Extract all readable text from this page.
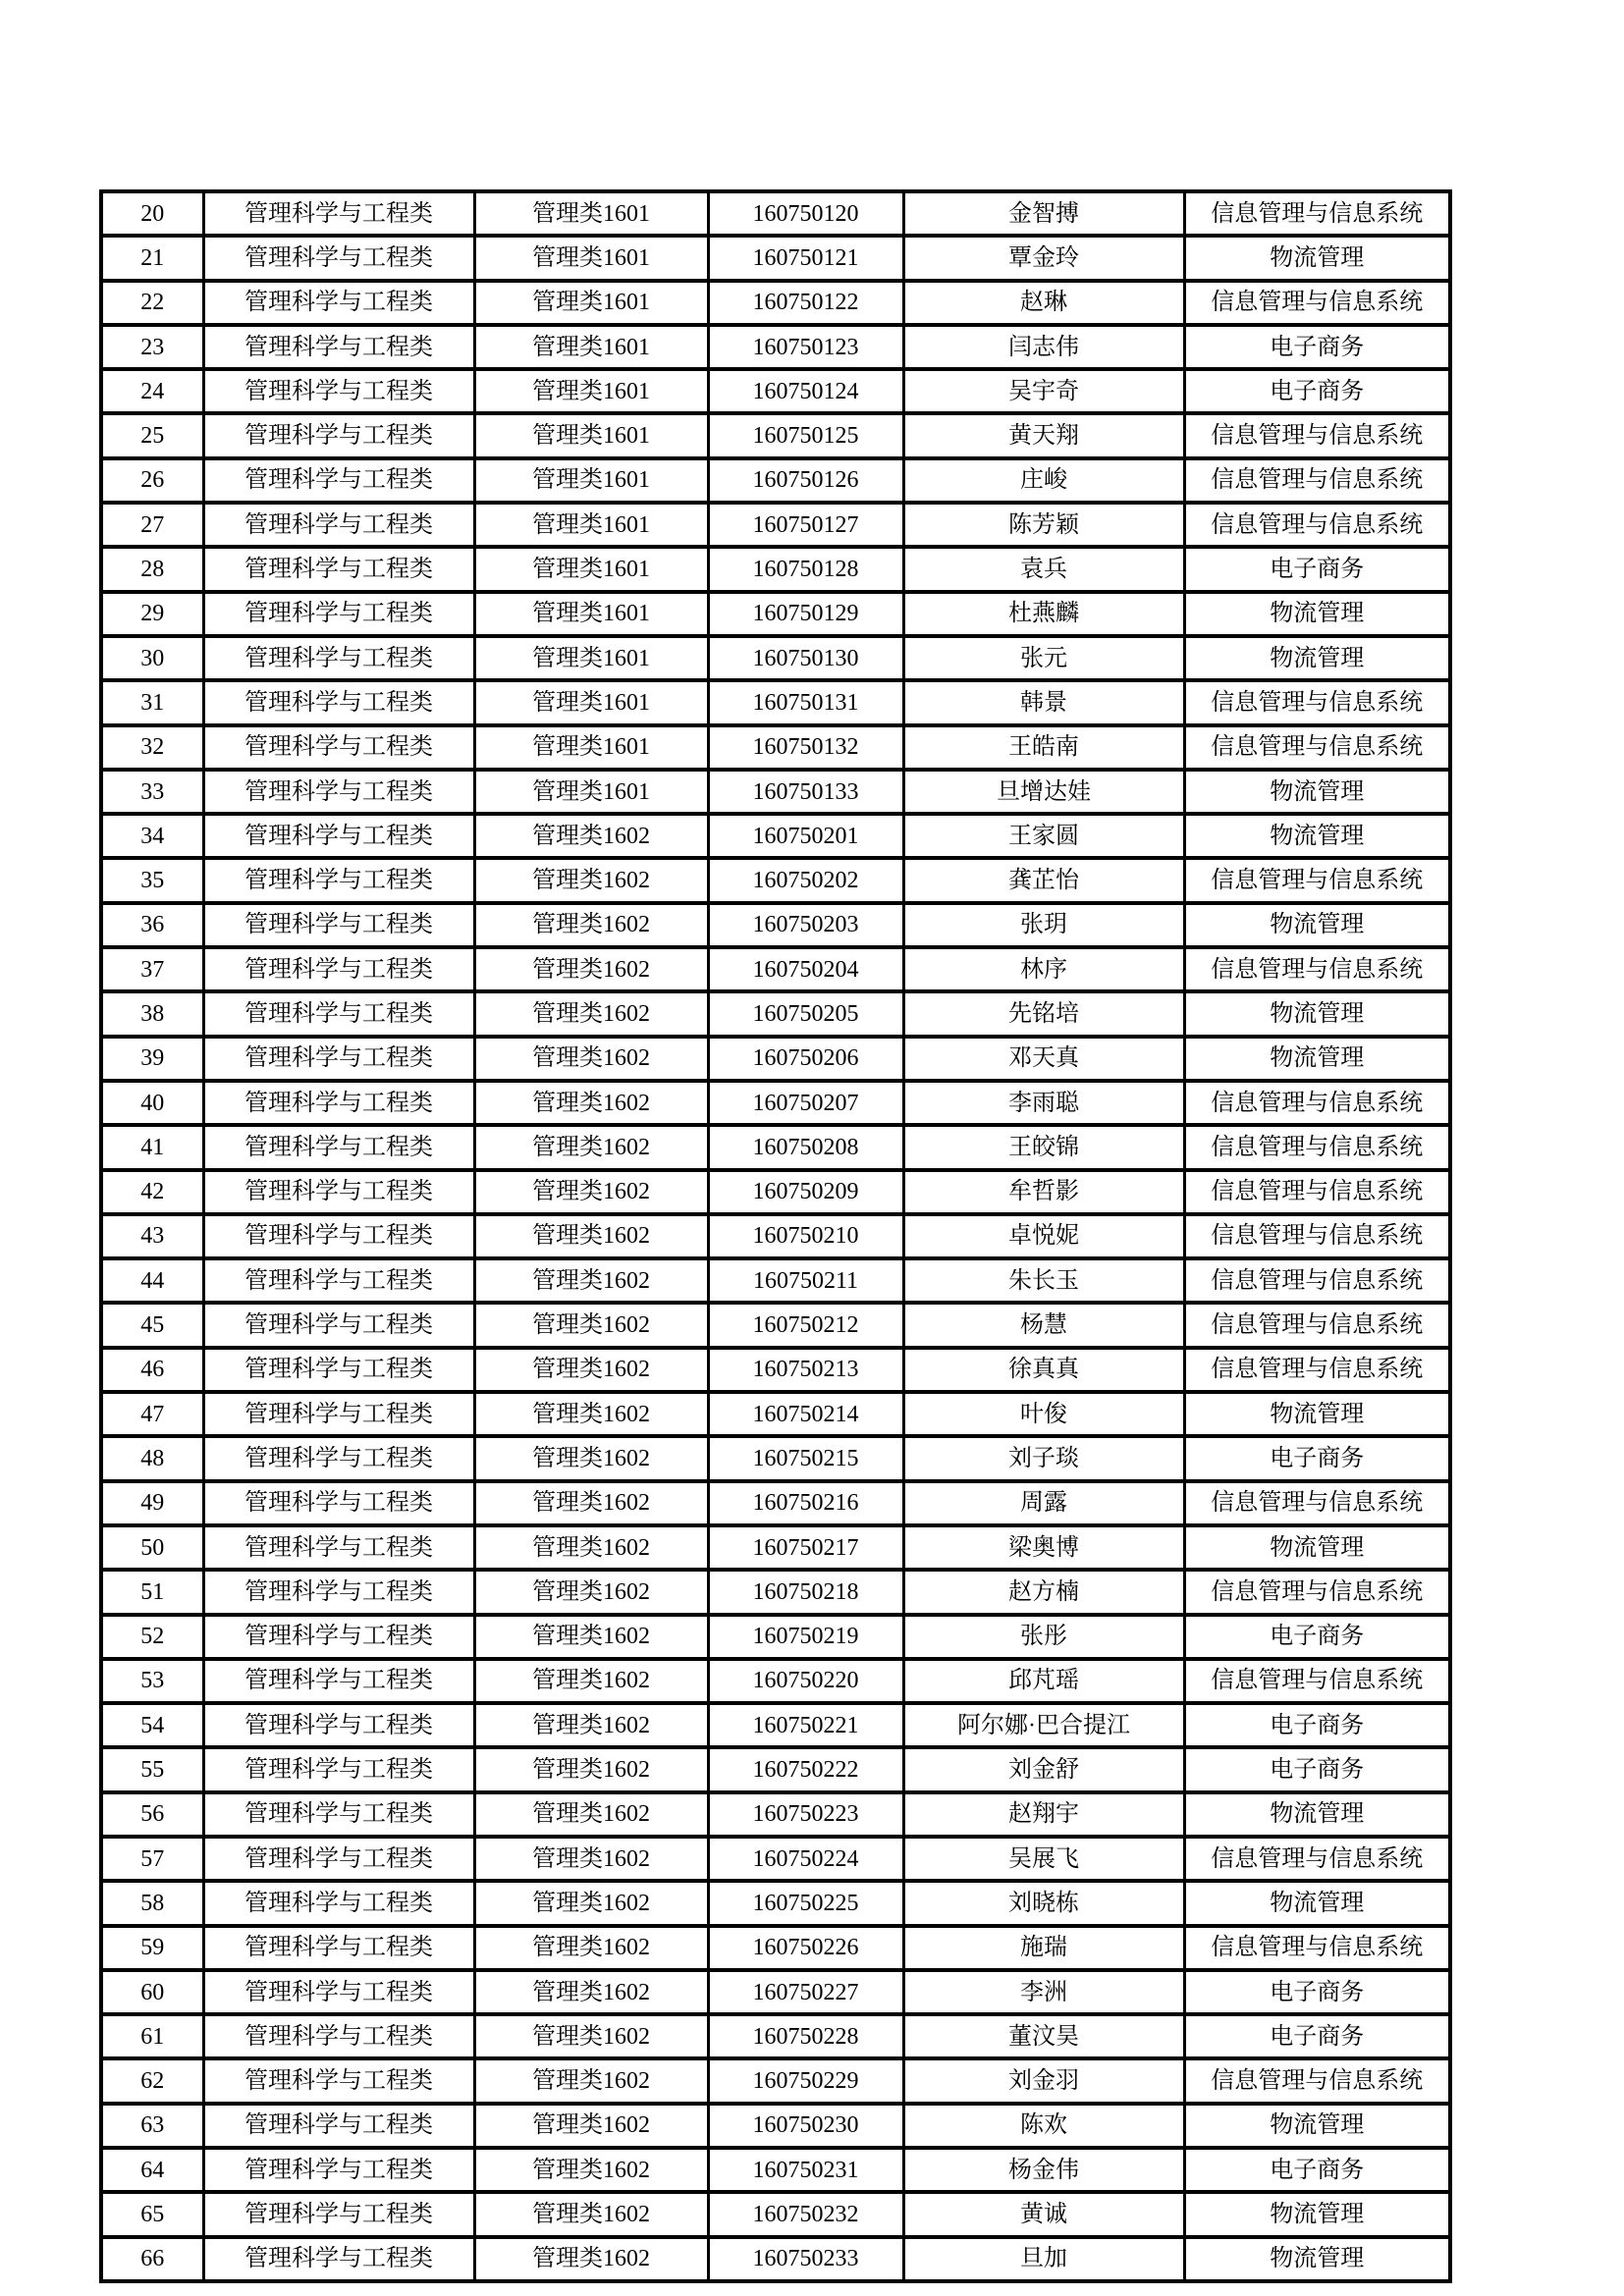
20	管理科学与工程类	管理类1601	160750120	金智搏	信息管理与信息系统
21	管理科学与工程类	管理类1601	160750121	覃金玲	物流管理
22	管理科学与工程类	管理类1601	160750122	赵琳	信息管理与信息系统
23	管理科学与工程类	管理类1601	160750123	闫志伟	电子商务
24	管理科学与工程类	管理类1601	160750124	吴宇奇	电子商务
25	管理科学与工程类	管理类1601	160750125	黄天翔	信息管理与信息系统
26	管理科学与工程类	管理类1601	160750126	庄峻	信息管理与信息系统
27	管理科学与工程类	管理类1601	160750127	陈芳颖	信息管理与信息系统
28	管理科学与工程类	管理类1601	160750128	袁兵	电子商务
29	管理科学与工程类	管理类1601	160750129	杜燕麟	物流管理
30	管理科学与工程类	管理类1601	160750130	张元	物流管理
31	管理科学与工程类	管理类1601	160750131	韩景	信息管理与信息系统
32	管理科学与工程类	管理类1601	160750132	王皓南	信息管理与信息系统
33	管理科学与工程类	管理类1601	160750133	旦增达娃	物流管理
34	管理科学与工程类	管理类1602	160750201	王家圆	物流管理
35	管理科学与工程类	管理类1602	160750202	龚芷怡	信息管理与信息系统
36	管理科学与工程类	管理类1602	160750203	张玥	物流管理
37	管理科学与工程类	管理类1602	160750204	林序	信息管理与信息系统
38	管理科学与工程类	管理类1602	160750205	先铭培	物流管理
39	管理科学与工程类	管理类1602	160750206	邓天真	物流管理
40	管理科学与工程类	管理类1602	160750207	李雨聪	信息管理与信息系统
41	管理科学与工程类	管理类1602	160750208	王皎锦	信息管理与信息系统
42	管理科学与工程类	管理类1602	160750209	牟哲影	信息管理与信息系统
43	管理科学与工程类	管理类1602	160750210	卓悦妮	信息管理与信息系统
44	管理科学与工程类	管理类1602	160750211	朱长玉	信息管理与信息系统
45	管理科学与工程类	管理类1602	160750212	杨慧	信息管理与信息系统
46	管理科学与工程类	管理类1602	160750213	徐真真	信息管理与信息系统
47	管理科学与工程类	管理类1602	160750214	叶俊	物流管理
48	管理科学与工程类	管理类1602	160750215	刘子琰	电子商务
49	管理科学与工程类	管理类1602	160750216	周露	信息管理与信息系统
50	管理科学与工程类	管理类1602	160750217	梁奥博	物流管理
51	管理科学与工程类	管理类1602	160750218	赵方楠	信息管理与信息系统
52	管理科学与工程类	管理类1602	160750219	张彤	电子商务
53	管理科学与工程类	管理类1602	160750220	邱芃瑶	信息管理与信息系统
54	管理科学与工程类	管理类1602	160750221	阿尔娜·巴合提江	电子商务
55	管理科学与工程类	管理类1602	160750222	刘金舒	电子商务
56	管理科学与工程类	管理类1602	160750223	赵翔宇	物流管理
57	管理科学与工程类	管理类1602	160750224	吴展飞	信息管理与信息系统
58	管理科学与工程类	管理类1602	160750225	刘晓栋	物流管理
59	管理科学与工程类	管理类1602	160750226	施瑞	信息管理与信息系统
60	管理科学与工程类	管理类1602	160750227	李洲	电子商务
61	管理科学与工程类	管理类1602	160750228	董汶昊	电子商务
62	管理科学与工程类	管理类1602	160750229	刘金羽	信息管理与信息系统
63	管理科学与工程类	管理类1602	160750230	陈欢	物流管理
64	管理科学与工程类	管理类1602	160750231	杨金伟	电子商务
65	管理科学与工程类	管理类1602	160750232	黄诚	物流管理
66	管理科学与工程类	管理类1602	160750233	旦加	物流管理
